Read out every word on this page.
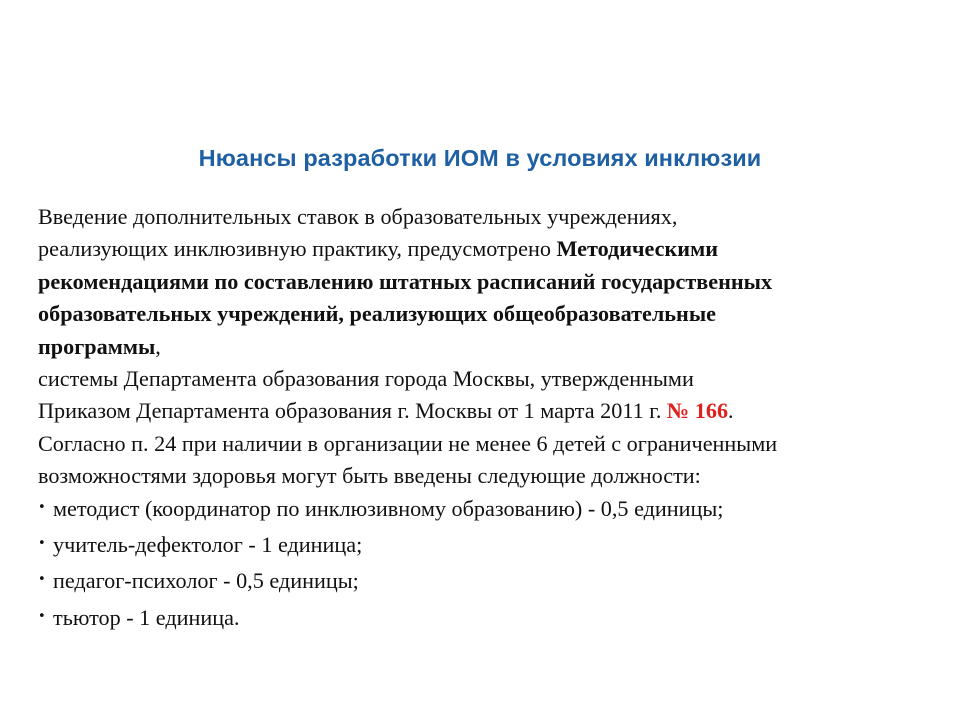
Нюансы разработки ИОМ в условиях инклюзии
Введение дополнительных ставок в образовательных учреждениях,
реализующих инклюзивную практику, предусмотрено Методическими
рекомендациями по составлению штатных расписаний государственных
образовательных учреждений, реализующих общеобразовательные
программы,
системы Департамента образования города Москвы, утвержденными
Приказом Департамента образования г. Москвы от 1 марта 2011 г. № 166.
Согласно п. 24 при наличии в организации не менее 6 детей с ограниченными
возможностями здоровья могут быть введены следующие должности:
• методист (координатор по инклюзивному образованию) - 0,5 единицы;
• учитель-дефектолог - 1 единица;
• педагог-психолог - 0,5 единицы;
• тьютор - 1 единица.
